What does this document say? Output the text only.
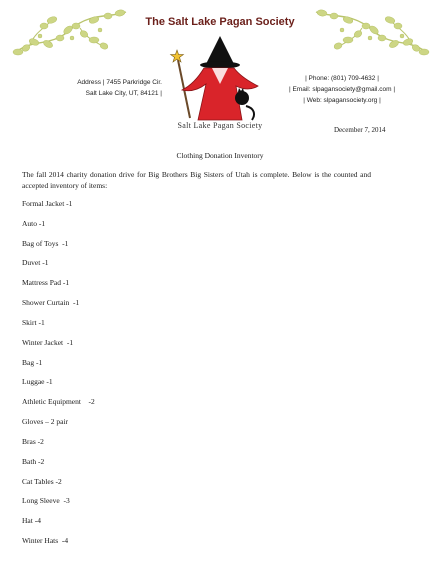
The Salt Lake Pagan Society
Salt Lake Pagan Society
Address | 7455 Parkridge Cir.
Salt Lake City, UT, 84121 |
| Phone: (801) 709-4632 |
| Email: slpagansociety@gmail.com |
| Web: slpagansociety.org |
December 7, 2014
Clothing Donation Inventory
The fall 2014 charity donation drive for Big Brothers Big Sisters of Utah is complete. Below is the counted and accepted inventory of items:
Formal Jacket -1
Auto -1
Bag of Toys  -1
Duvet -1
Mattress Pad -1
Shower Curtain  -1
Skirt -1
Winter Jacket  -1
Bag -1
Luggae -1
Athletic Equipment    -2
Gloves – 2 pair
Bras -2
Bath -2
Cat Tables -2
Long Sleeve  -3
Hat -4
Winter Hats  -4
